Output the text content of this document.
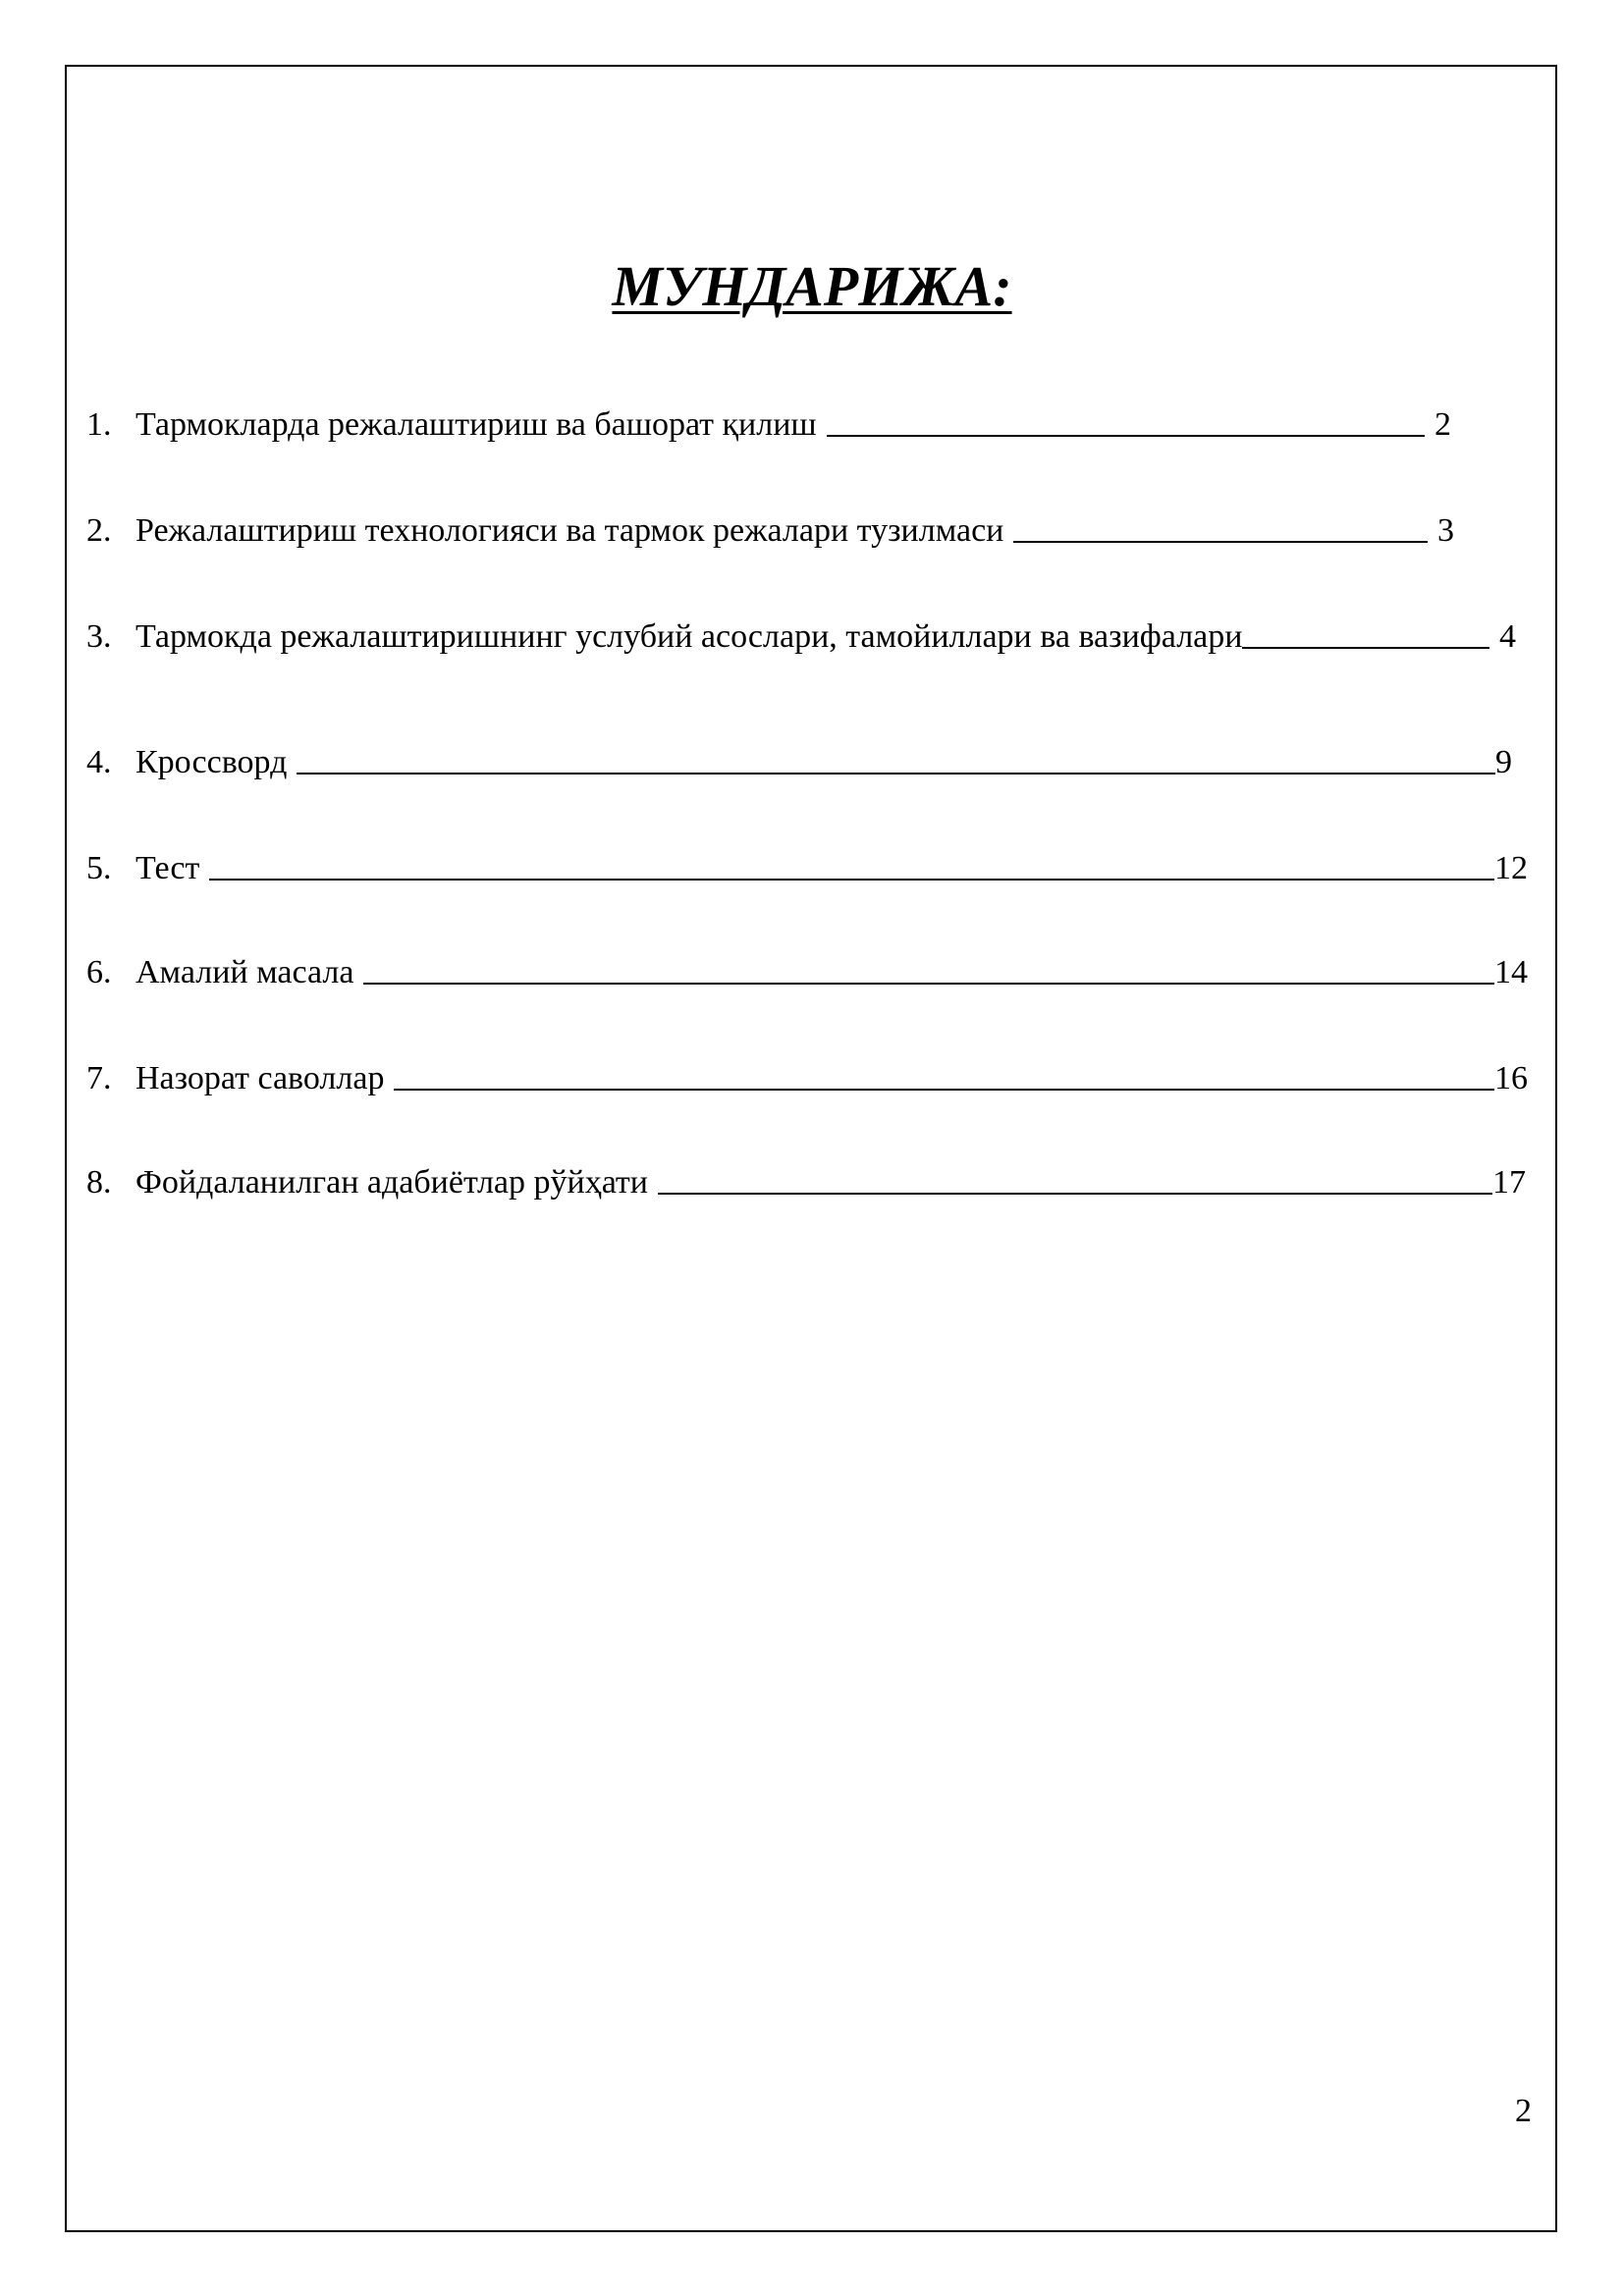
МУНДАРИЖА:
1. Тармокларда режалаштириш ва башорат қилиш	2
2. Режалаштириш технологияси ва тармок режалари тузилмаси	3
3. Тармокда режалаштиришнинг услубий асослари, тамойиллари ва вазифалари	4
4. Кроссворд	9
5. Тест	12
6. Амалий масала	14
7. Назорат саволлар	16
8. Фойдаланилган адабиётлар рўйҳати	17
2
